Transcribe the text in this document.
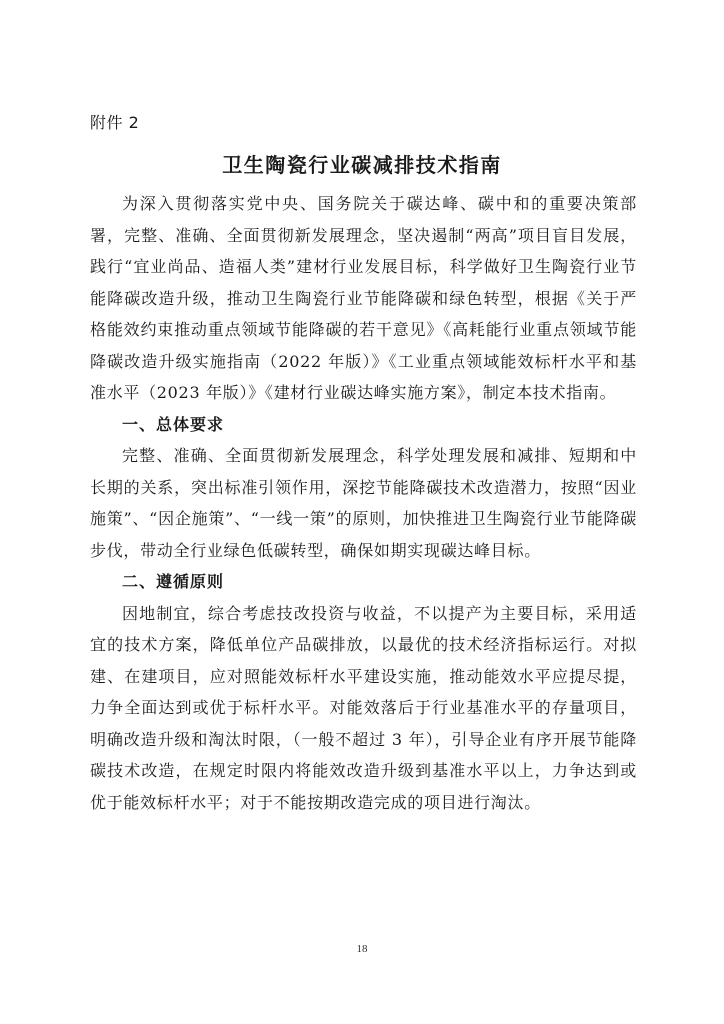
附件 2
卫生陶瓷行业碳减排技术指南

为深入贯彻落实党中央、国务院关于碳达峰、碳中和的重要决策部署，完整、准确、全面贯彻新发展理念，坚决遏制“两高”项目盲目发展，践行“宜业尚品、造福人类”建材行业发展目标，科学做好卫生陶瓷行业节能降碳改造升级，推动卫生陶瓷行业节能降碳和绿色转型，根据《关于严格能效约束推动重点领域节能降碳的若干意见》《高耗能行业重点领域节能降碳改造升级实施指南（2022 年版）》《工业重点领域能效标杆水平和基准水平（2023 年版）》《建材行业碳达峰实施方案》，制定本技术指南。

一、总体要求

完整、准确、全面贯彻新发展理念，科学处理发展和减排、短期和中长期的关系，突出标准引领作用，深挖节能降碳技术改造潜力，按照“因业施策”、“因企施策”、“一线一策”的原则，加快推进卫生陶瓷行业节能降碳步伐，带动全行业绿色低碳转型，确保如期实现碳达峰目标。

二、遵循原则

因地制宜，综合考虑技改投资与收益，不以提产为主要目标，采用适宜的技术方案，降低单位产品碳排放，以最优的技术经济指标运行。对拟建、在建项目，应对照能效标杆水平建设实施，推动能效水平应提尽提，力争全面达到或优于标杆水平。对能效落后于行业基准水平的存量项目，明确改造升级和淘汰时限，（一般不超过 3 年），引导企业有序开展节能降碳技术改造，在规定时限内将能效改造升级到基准水平以上，力争达到或优于能效标杆水平；对于不能按期改造完成的项目进行淘汰。

18
